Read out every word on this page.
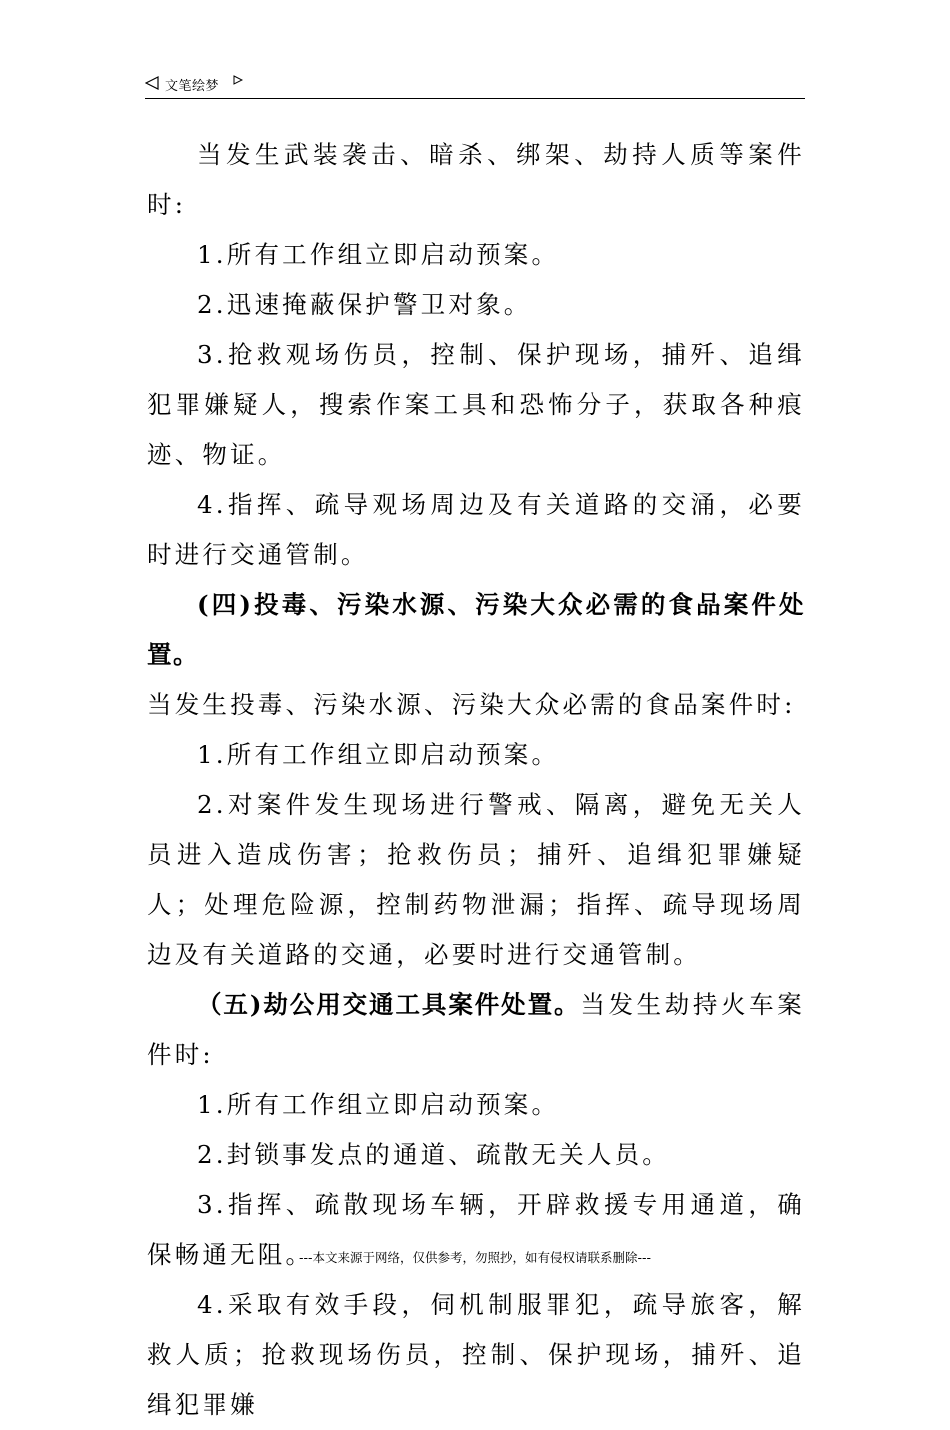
文笔绘梦

当发生武装袭击、暗杀、绑架、劫持人质等案件时:

1.所有工作组立即启动预案。

2.迅速掩蔽保护警卫对象。

3.抢救观场伤员，控制、保护现场，捕歼、追缉犯罪嫌疑人，搜索作案工具和恐怖分子，获取各种痕迹、物证。

4.指挥、疏导观场周边及有关道路的交涌，必要时进行交通管制。

(四)投毒、污染水源、污染大众必需的食品案件处置。

当发生投毒、污染水源、污染大众必需的食品案件时:

1.所有工作组立即启动预案。

2.对案件发生现场进行警戒、隔离，避免无关人员进入造成伤害；抢救伤员；捕歼、追缉犯罪嫌疑人；处理危险源，控制药物泄漏；指挥、疏导现场周边及有关道路的交通，必要时进行交通管制。

（五)劫公用交通工具案件处置。当发生劫持火车案件时:

1.所有工作组立即启动预案。

2.封锁事发点的通道、疏散无关人员。

3.指挥、疏散现场车辆，开辟救援专用通道，确保畅通无阻。

4.采取有效手段，伺机制服罪犯，疏导旅客，解救人质；抢救现场伤员，控制、保护现场，捕歼、追缉犯罪嫌

---本文来源于网络，仅供参考，勿照抄，如有侵权请联系删除---
